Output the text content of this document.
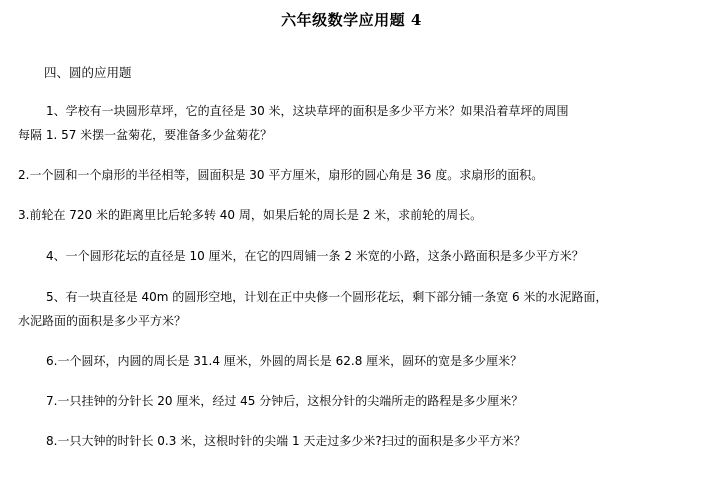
六年级数学应用题 4
四、圆的应用题
1、学校有一块圆形草坪，它的直径是 30 米，这块草坪的面积是多少平方米？如果沿着草坪的周围
每隔 1. 57 米摆一盆菊花，要准备多少盆菊花？
2.一个圆和一个扇形的半径相等，圆面积是 30 平方厘米，扇形的圆心角是 36 度。求扇形的面积。
3.前轮在 720 米的距离里比后轮多转 40 周，如果后轮的周长是 2 米，求前轮的周长。
4、一个圆形花坛的直径是 10 厘米，在它的四周铺一条 2 米宽的小路，这条小路面积是多少平方米？
5、有一块直径是 40m 的圆形空地，计划在正中央修一个圆形花坛，剩下部分铺一条宽 6 米的水泥路面，
水泥路面的面积是多少平方米？
6.一个圆环，内圆的周长是 31.4 厘米，外圆的周长是 62.8 厘米，圆环的宽是多少厘米？
7.一只挂钟的分针长 20 厘米，经过 45 分钟后，这根分针的尖端所走的路程是多少厘米？
8.一只大钟的时针长 0.3 米，这根时针的尖端 1 天走过多少米?扫过的面积是多少平方米？
